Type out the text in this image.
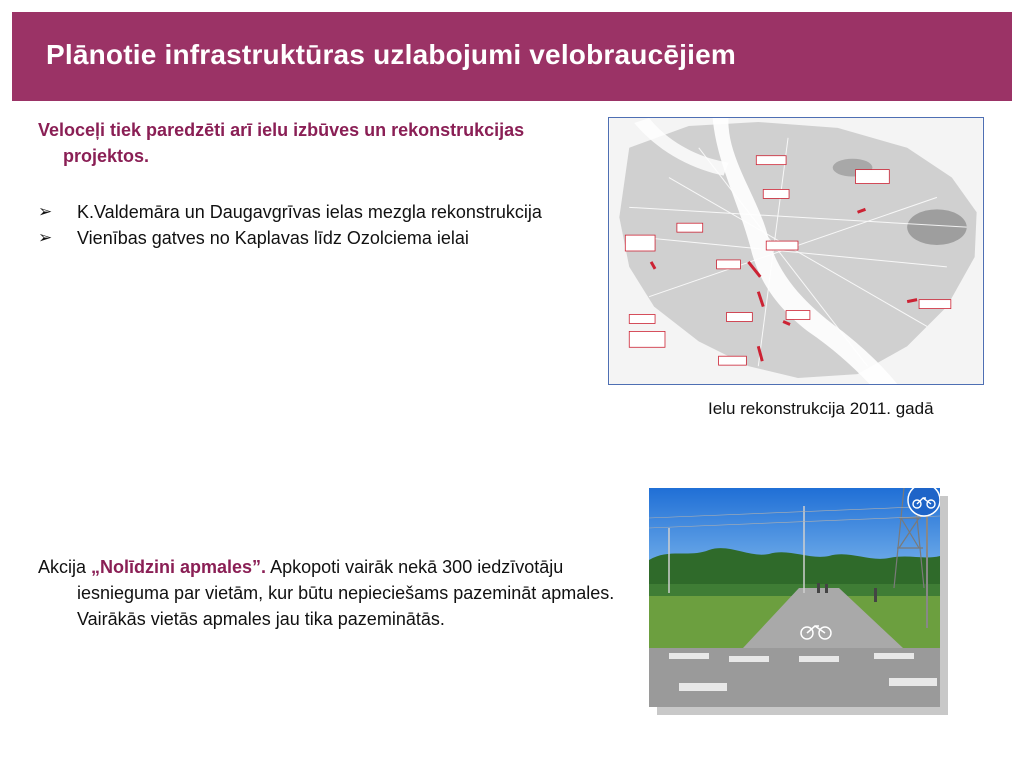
Plānotie infrastruktūras uzlabojumi velobraucējiem
Veloceļi tiek paredzēti arī ielu izbūves un rekonstrukcijas projektos.
➢ K.Valdemāra un Daugavgrīvas ielas mezgla rekonstrukcija
➢ Vienības gatves no Kaplavas līdz Ozolciema ielai
Ielu rekonstrukcija 2011. gadā
Akcija „Nolīdzini apmales”. Apkopoti vairāk nekā 300 iedzīvotāju iesnieguma par vietām, kur būtu nepieciešams pazemināt apmales. Vairākās vietās apmales jau tika pazeminātās.
